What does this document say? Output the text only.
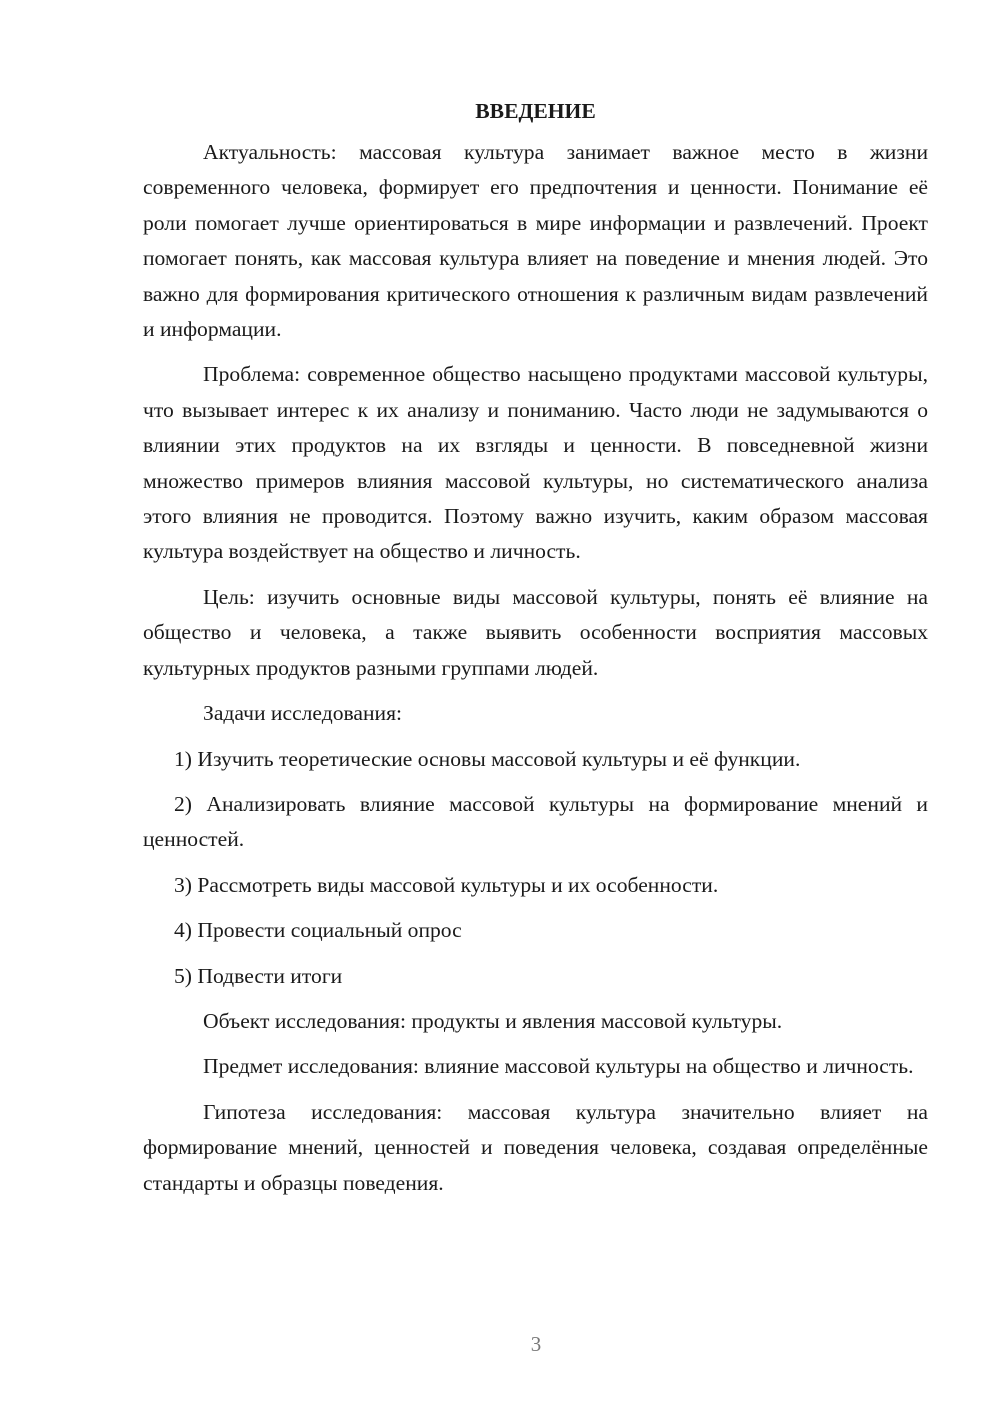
ВВЕДЕНИЕ

Актуальность: массовая культура занимает важное место в жизни современного человека, формирует его предпочтения и ценности. Понимание её роли помогает лучше ориентироваться в мире информации и развлечений. Проект помогает понять, как массовая культура влияет на поведение и мнения людей. Это важно для формирования критического отношения к различным видам развлечений и информации.

Проблема: современное общество насыщено продуктами массовой культуры, что вызывает интерес к их анализу и пониманию. Часто люди не задумываются о влиянии этих продуктов на их взгляды и ценности. В повседневной жизни множество примеров влияния массовой культуры, но систематического анализа этого влияния не проводится. Поэтому важно изучить, каким образом массовая культура воздействует на общество и личность.

Цель: изучить основные виды массовой культуры, понять её влияние на общество и человека, а также выявить особенности восприятия массовых культурных продуктов разными группами людей.

Задачи исследования:

1) Изучить теоретические основы массовой культуры и её функции.

2) Анализировать влияние массовой культуры на формирование мнений и ценностей.

3) Рассмотреть виды массовой культуры и их особенности.

4) Провести социальный опрос

5) Подвести итоги

Объект исследования: продукты и явления массовой культуры.

Предмет исследования: влияние массовой культуры на общество и личность.

Гипотеза исследования: массовая культура значительно влияет на формирование мнений, ценностей и поведения человека, создавая определённые стандарты и образцы поведения.

3
